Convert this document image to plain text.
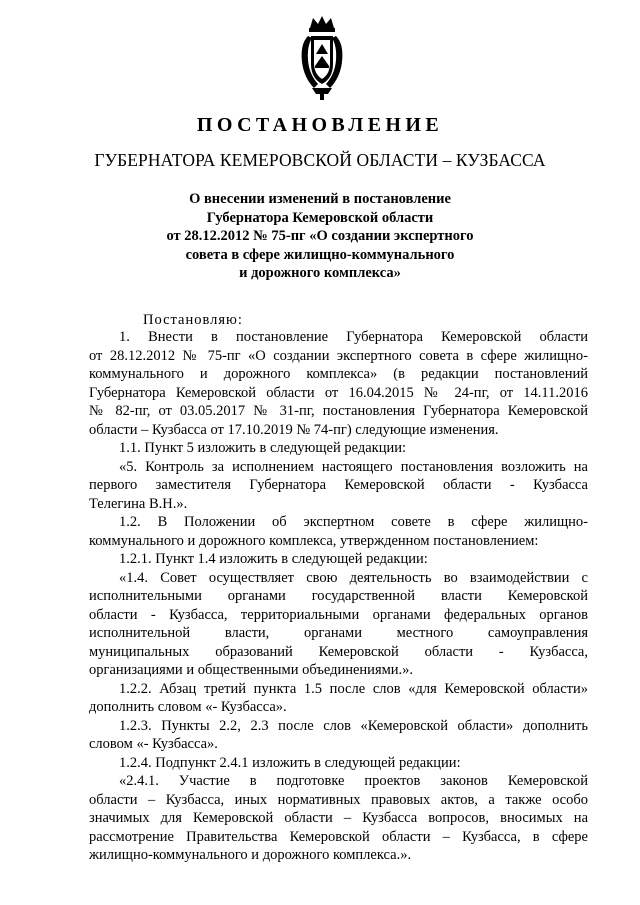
ПОСТАНОВЛЕНИЕ
ГУБЕРНАТОРА КЕМЕРОВСКОЙ ОБЛАСТИ – КУЗБАССА
О внесении изменений в постановление
Губернатора Кемеровской области
от 28.12.2012 № 75-пг «О создании экспертного
совета в сфере жилищно-коммунального
и дорожного комплекса»
Постановляю:

1. Внести в постановление Губернатора Кемеровской области

от 28.12.2012 № 75-пг «О создании экспертного совета в сфере жилищно-

коммунального и дорожного комплекса» (в редакции постановлений

Губернатора Кемеровской области от 16.04.2015 № 24-пг, от 14.11.2016

№ 82-пг, от 03.05.2017 № 31-пг, постановления Губернатора Кемеровской

области – Кузбасса от 17.10.2019 № 74-пг) следующие изменения.

1.1. Пункт 5 изложить в следующей редакции:

«5. Контроль за исполнением настоящего постановления возложить на

первого заместителя Губернатора Кемеровской области - Кузбасса

Телегина В.Н.».

1.2. В Положении об экспертном совете в сфере жилищно-

коммунального и дорожного комплекса, утвержденном постановлением:

1.2.1. Пункт 1.4 изложить в следующей редакции:

«1.4. Совет осуществляет свою деятельность во взаимодействии с

исполнительными органами государственной власти Кемеровской

области - Кузбасса, территориальными органами федеральных органов

исполнительной власти, органами местного самоуправления

муниципальных образований Кемеровской области - Кузбасса,

организациями и общественными объединениями.».

1.2.2. Абзац третий пункта 1.5 после слов «для Кемеровской области»

дополнить словом «- Кузбасса».

1.2.3. Пункты 2.2, 2.3 после слов «Кемеровской области» дополнить

словом «- Кузбасса».

1.2.4. Подпункт 2.4.1 изложить в следующей редакции:

«2.4.1. Участие в подготовке проектов законов Кемеровской

области – Кузбасса, иных нормативных правовых актов, а также особо

значимых для Кемеровской области – Кузбасса вопросов, вносимых на

рассмотрение Правительства Кемеровской области – Кузбасса, в сфере

жилищно-коммунального и дорожного комплекса.».
